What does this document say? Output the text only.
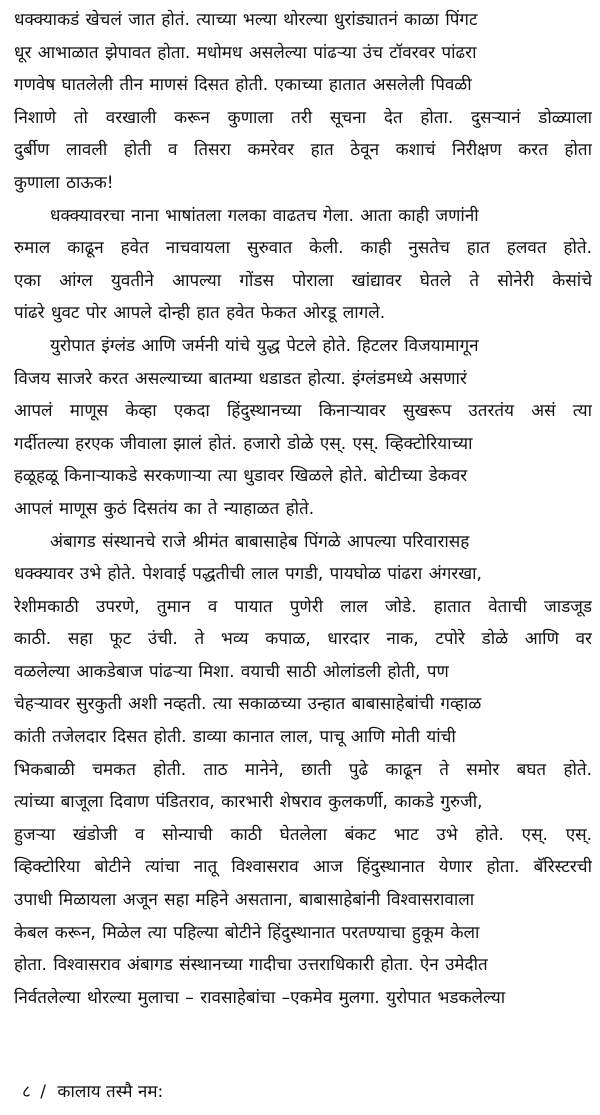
धक्क्याकडं खेचलं जात होतं. त्याच्या भल्या थोरल्या धुरांड्यातनं काळा पिंगट
धूर आभाळात झेपावत होता. मधोमध असलेल्या पांढऱ्या उंच टॉवरवर पांढरा
गणवेष घातलेली तीन माणसं दिसत होती. एकाच्या हातात असलेली पिवळी
निशाणे तो वरखाली करून कुणाला तरी सूचना देत होता. दुसऱ्यानं डोळ्याला
दुर्बीण लावली होती व तिसरा कमरेवर हात ठेवून कशाचं निरीक्षण करत होता
कुणाला ठाऊक!

धक्क्यावरचा नाना भाषांतला गलका वाढतच गेला. आता काही जणांनी
रुमाल काढून हवेत नाचवायला सुरुवात केली. काही नुसतेच हात हलवत होते.
एका आंग्ल युवतीने आपल्या गोंडस पोराला खांद्यावर घेतले ते सोनेरी केसांचे
पांढरे धुवट पोर आपले दोन्ही हात हवेत फेकत ओरडू लागले.

युरोपात इंग्लंड आणि जर्मनी यांचे युद्ध पेटले होते. हिटलर विजयामागून
विजय साजरे करत असल्याच्या बातम्या धडाडत होत्या. इंग्लंडमध्ये असणारं
आपलं माणूस केव्हा एकदा हिंदुस्थानच्या किनाऱ्यावर सुखरूप उतरतंय असं त्या
गर्दीतल्या हरएक जीवाला झालं होतं. हजारो डोळे एस्. एस्. व्हिक्टोरियाच्या
हळूहळू किनाऱ्याकडे सरकणाऱ्या त्या धुडावर खिळले होते. बोटीच्या डेकवर
आपलं माणूस कुठं दिसतंय का ते न्याहाळत होते.

अंबागड संस्थानचे राजे श्रीमंत बाबासाहेब पिंगळे आपल्या परिवारासह
धक्क्यावर उभे होते. पेशवाई पद्धतीची लाल पगडी, पायघोळ पांढरा अंगरखा,
रेशीमकाठी उपरणे, तुमान व पायात पुणेरी लाल जोडे. हातात वेताची जाडजूड
काठी. सहा फूट उंची. ते भव्य कपाळ, धारदार नाक, टपोरे डोळे आणि वर
वळलेल्या आकडेबाज पांढऱ्या मिशा. वयाची साठी ओलांडली होती, पण
चेहऱ्यावर सुरकुती अशी नव्हती. त्या सकाळच्या उन्हात बाबासाहेबांची गव्हाळ
कांती तजेलदार दिसत होती. डाव्या कानात लाल, पाचू आणि मोती यांची
भिकबाळी चमकत होती. ताठ मानेने, छाती पुढे काढून ते समोर बघत होते.
त्यांच्या बाजूला दिवाण पंडितराव, कारभारी शेषराव कुलकर्णी, काकडे गुरुजी,
हुजऱ्या खंडोजी व सोन्याची काठी घेतलेला बंकट भाट उभे होते. एस्. एस्.
व्हिक्टोरिया बोटीने त्यांचा नातू विश्वासराव आज हिंदुस्थानात येणार होता. बॅरिस्टरची
उपाधी मिळायला अजून सहा महिने असताना, बाबासाहेबांनी विश्वासरावाला
केबल करून, मिळेल त्या पहिल्या बोटीने हिंदुस्थानात परतण्याचा हुकूम केला
होता. विश्वासराव अंबागड संस्थानच्या गादीचा उत्तराधिकारी होता. ऐन उमेदीत
निर्वतलेल्या थोरल्या मुलाचा – रावसाहेबांचा –एकमेव मुलगा. युरोपात भडकलेल्या

८ / कालाय तस्मै नम:
